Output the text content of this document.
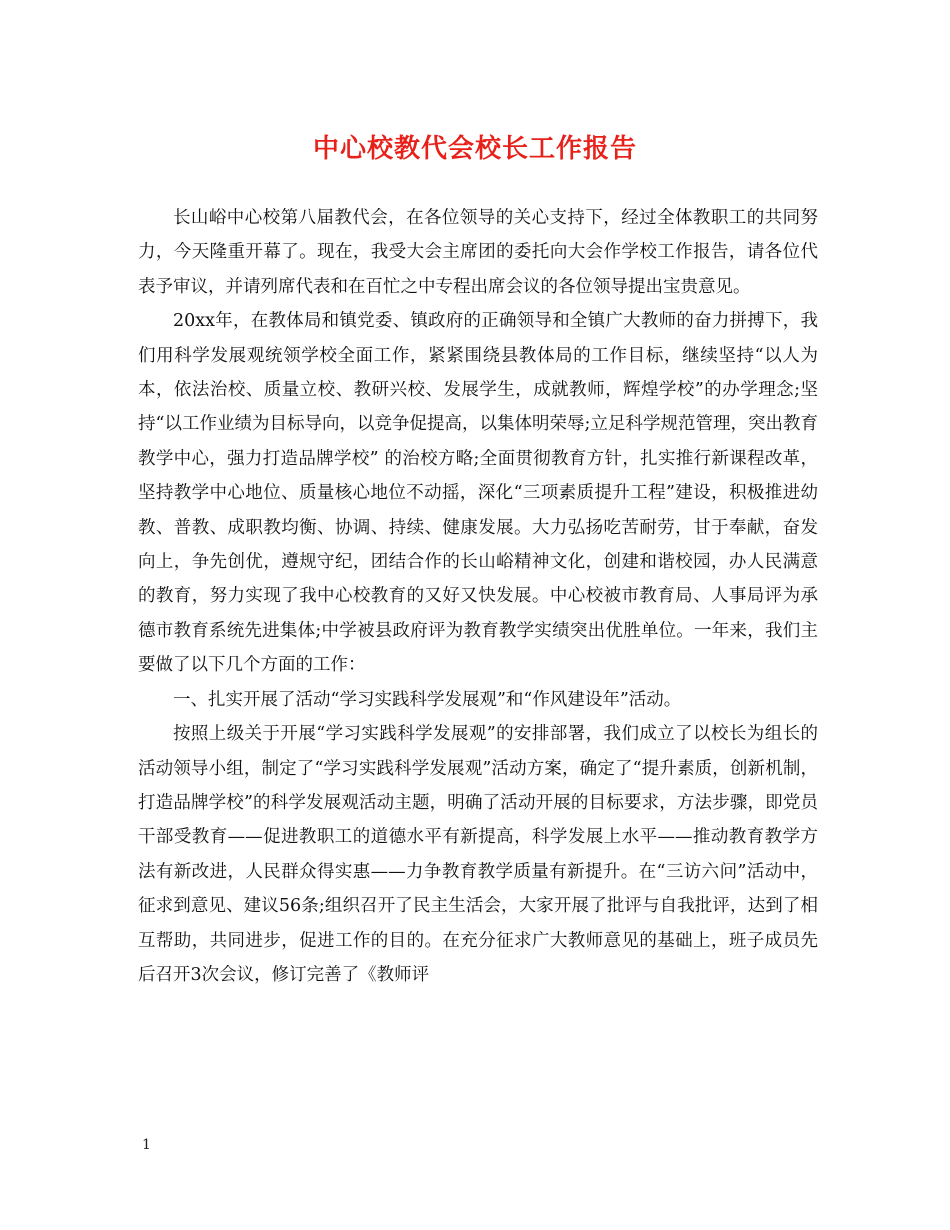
中心校教代会校长工作报告

长山峪中心校第八届教代会，在各位领导的关心支持下，经过全体教职工的共同努力，今天隆重开幕了。现在，我受大会主席团的委托向大会作学校工作报告，请各位代表予审议，并请列席代表和在百忙之中专程出席会议的各位领导提出宝贵意见。

20xx年，在教体局和镇党委、镇政府的正确领导和全镇广大教师的奋力拼搏下，我们用科学发展观统领学校全面工作，紧紧围绕县教体局的工作目标，继续坚持“以人为本，依法治校、质量立校、教研兴校、发展学生，成就教师，辉煌学校”的办学理念;坚持“以工作业绩为目标导向，以竞争促提高，以集体明荣辱;立足科学规范管理，突出教育教学中心，强力打造品牌学校” 的治校方略;全面贯彻教育方针，扎实推行新课程改革，坚持教学中心地位、质量核心地位不动摇，深化“三项素质提升工程”建设，积极推进幼教、普教、成职教均衡、协调、持续、健康发展。大力弘扬吃苦耐劳，甘于奉献，奋发向上，争先创优，遵规守纪，团结合作的长山峪精神文化，创建和谐校园，办人民满意的教育，努力实现了我中心校教育的又好又快发展。中心校被市教育局、人事局评为承德市教育系统先进集体;中学被县政府评为教育教学实绩突出优胜单位。一年来，我们主要做了以下几个方面的工作：

一、扎实开展了活动“学习实践科学发展观”和“作风建设年”活动。

按照上级关于开展“学习实践科学发展观”的安排部署，我们成立了以校长为组长的活动领导小组，制定了“学习实践科学发展观”活动方案，确定了“提升素质，创新机制，打造品牌学校”的科学发展观活动主题，明确了活动开展的目标要求，方法步骤，即党员干部受教育——促进教职工的道德水平有新提高，科学发展上水平——推动教育教学方法有新改进，人民群众得实惠——力争教育教学质量有新提升。在“三访六问”活动中，征求到意见、建议56条;组织召开了民主生活会，大家开展了批评与自我批评，达到了相互帮助，共同进步，促进工作的目的。在充分征求广大教师意见的基础上，班子成员先后召开3次会议，修订完善了《教师评

1
